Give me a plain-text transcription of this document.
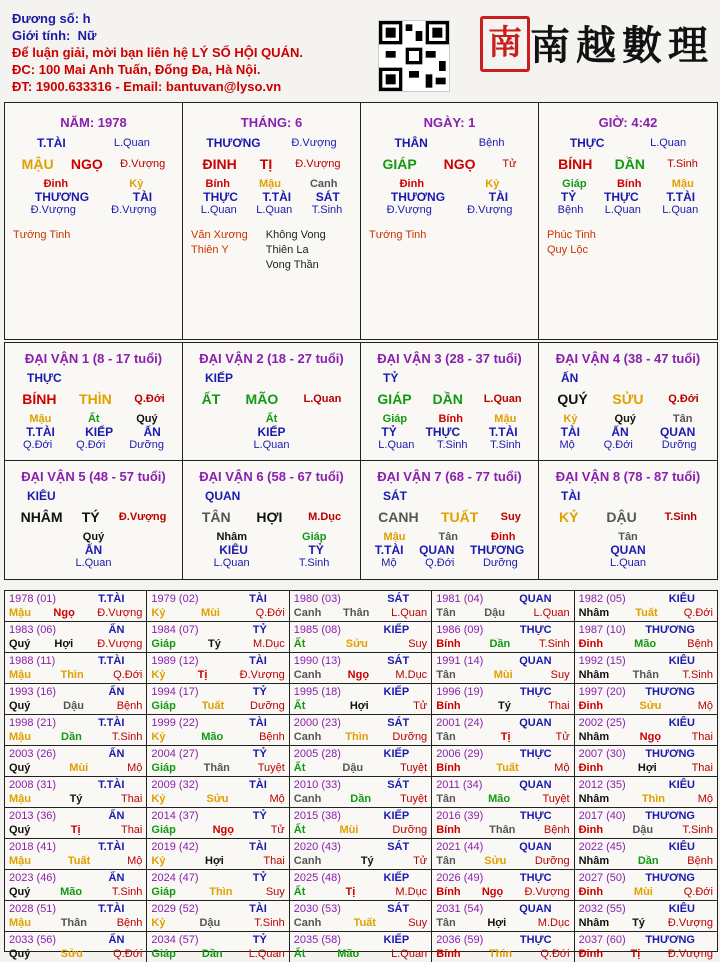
Đương số: h
Giới tính: Nữ
Để luận giải, mời bạn liên hệ LÝ SỐ HỘI QUÁN.
ĐC: 100 Mai Anh Tuấn, Đống Đa, Hà Nội.
ĐT: 1900.633316 - Email: bantuvan@lyso.vn
南 南越數理
NĂM: 1978
T.TÀI	L.Quan
MẬU NGỌ Đ.Vượng
Đinh	Kỷ
THƯƠNG	TÀI
Đ.Vượng	Đ.Vượng
Tướng Tinh
THÁNG: 6
THƯƠNG	Đ.Vượng
ĐINH TỊ Đ.Vượng
Bính	Mậu	Canh
THỰC T.TÀI SÁT
L.Quan L.Quan T.Sinh
Văn Xương
Thiên Y
Không Vong
Thiên La
Vong Thần
NGÀY: 1
THÂN	Bệnh
GIÁP NGỌ Tử
Đinh	Kỷ
THƯƠNG	TÀI
Đ.Vượng	Đ.Vượng
Tướng Tinh
GIỜ: 4:42
THỰC	L.Quan
BÍNH DẦN T.Sinh
Giáp	Bính	Mậu
TỶ THỰC T.TÀI
Bệnh L.Quan L.Quan
Phúc Tinh
Quy Lộc
ĐẠI VẬN 1 (8 - 17 tuổi)
THỰC
BÍNH THÌN Q.Đới
Mậu	Ất	Quý
T.TÀI	KIẾP	ẤN
Q.Đới Q.Đới Dưỡng
ĐẠI VẬN 2 (18 - 27 tuổi)
KIẾP
ẤT MÃO L.Quan
Ất
KIẾP
L.Quan
ĐẠI VẬN 3 (28 - 37 tuổi)
TỶ
GIÁP DẦN L.Quan
Giáp	Bính	Mậu
TỶ THỰC T.TÀI
L.Quan T.Sinh T.Sinh
ĐẠI VẬN 4 (38 - 47 tuổi)
ẤN
QUÝ SỬU Q.Đới
Kỷ	Quý	Tân
TÀI	ẤN	QUAN
Mộ	Q.Đới	Dưỡng
ĐẠI VẬN 5 (48 - 57 tuổi)
KIÊU
NHÂM TÝ Đ.Vượng
Quý
ẤN
L.Quan
ĐẠI VẬN 6 (58 - 67 tuổi)
QUAN
TÂN HỢI M.Dục
Nhâm	Giáp
KIÊU	TỶ
L.Quan	T.Sinh
ĐẠI VẬN 7 (68 - 77 tuổi)
SÁT
CANH TUẤT Suy
Mậu	Tân	Đinh
T.TÀI QUAN THƯƠNG
Mộ	Q.Đới	Dưỡng
ĐẠI VẬN 8 (78 - 87 tuổi)
TÀI
KỶ DẬU	T.Sinh
Tân
QUAN
L.Quan
1978 (01)	T.TÀI
Mậu Ngọ Đ.Vượng
1979 (02)	TÀI
Kỷ	Mùi	Q.Đới
1980 (03)	SÁT
Canh Thân L.Quan
1981 (04)	QUAN
Tân	Dậu	L.Quan
1982 (05)	KIÊU
Nhâm Tuất Q.Đới
1983 (06)	ẤN
Quý Hợi Đ.Vượng
1984 (07)	TỶ
Giáp	Tý	M.Dục
1985 (08)	KIẾP
Ất	Sửu	Suy
1986 (09)	THỰC
Bính	Dần	T.Sinh
1987 (10) THƯƠNG
Đinh	Mão	Bệnh
1988 (11)	T.TÀI
Mậu	Thìn	Q.Đới
1989 (12)	TÀI
Kỷ	Tị	Đ.Vượng
1990 (13)	SÁT
Canh Ngọ M.Dục
1991 (14)	QUAN
Tân	Mùi	Suy
1992 (15)	KIÊU
Nhâm Thân T.Sinh
1993 (16)	ẤN
Quý	Dậu	Bệnh
1994 (17)	TỶ
Giáp Tuất Dưỡng
1995 (18)	KIẾP
Ất	Hợi	Tử
1996 (19)	THỰC
Bính	Tý	Thai
1997 (20) THƯƠNG
Đinh	Sửu	Mộ
1998 (21)	T.TÀI
Mậu	Dần	T.Sinh
1999 (22)	TÀI
Kỷ	Mão	Bệnh
2000 (23)	SÁT
Canh Thìn Dưỡng
2001 (24)	QUAN
Tân	Tị	Tử
2002 (25)	KIÊU
Nhâm	Ngọ	Thai
2003 (26)	ẤN
Quý	Mùi	Mộ
2004 (27)	TỶ
Giáp	Thân	Tuyệt
2005 (28)	KIẾP
Ất	Dậu	Tuyệt
2006 (29)	THỰC
Bính	Tuất	Mộ
2007 (30) THƯƠNG
Đinh	Hợi	Thai
2008 (31)	T.TÀI
Mậu	Tý	Thai
2009 (32)	TÀI
Kỷ	Sửu	Mộ
2010 (33)	SÁT
Canh	Dần	Tuyệt
2011 (34)	QUAN
Tân	Mão	Tuyệt
2012 (35)	KIÊU
Nhâm	Thìn	Mộ
2013 (36)	ẤN
Quý	Tị	Thai
2014 (37)	TỶ
Giáp	Ngọ	Tử
2015 (38)	KIẾP
Ất	Mùi	Dưỡng
2016 (39)	THỰC
Bính	Thân	Bệnh
2017 (40) THƯƠNG
Đinh	Dậu	T.Sinh
2018 (41)	T.TÀI
Mậu	Tuất	Mộ
2019 (42)	TÀI
Kỷ	Hợi	Thai
2020 (43)	SÁT
Canh	Tý	Tử
2021 (44)	QUAN
Tân	Sửu	Dưỡng
2022 (45)	KIÊU
Nhâm	Dần	Bệnh
2023 (46)	ẤN
Quý	Mão	T.Sinh
2024 (47)	TỶ
Giáp	Thìn	Suy
2025 (48)	KIẾP
Ất	Tị	M.Dục
2026 (49)	THỰC
Bính Ngọ Đ.Vượng
2027 (50) THƯƠNG
Đinh	Mùi	Q.Đới
2028 (51)	T.TÀI
Mậu	Thân	Bệnh
2029 (52)	TÀI
Kỷ	Dậu	T.Sinh
2030 (53)	SÁT
Canh	Tuất	Suy
2031 (54)	QUAN
Tân	Hợi	M.Dục
2032 (55)	KIÊU
Nhâm Tý Đ.Vượng
2033 (56)	ẤN
Quý	Sửu	Q.Đới
2034 (57)	TỶ
Giáp Dần L.Quan
2035 (58)	KIẾP
Ất	Mão	L.Quan
2036 (59)	THỰC
Bính	Thìn	Q.Đới
2037 (60) THƯƠNG
Đinh	Tị	Đ.Vượng
